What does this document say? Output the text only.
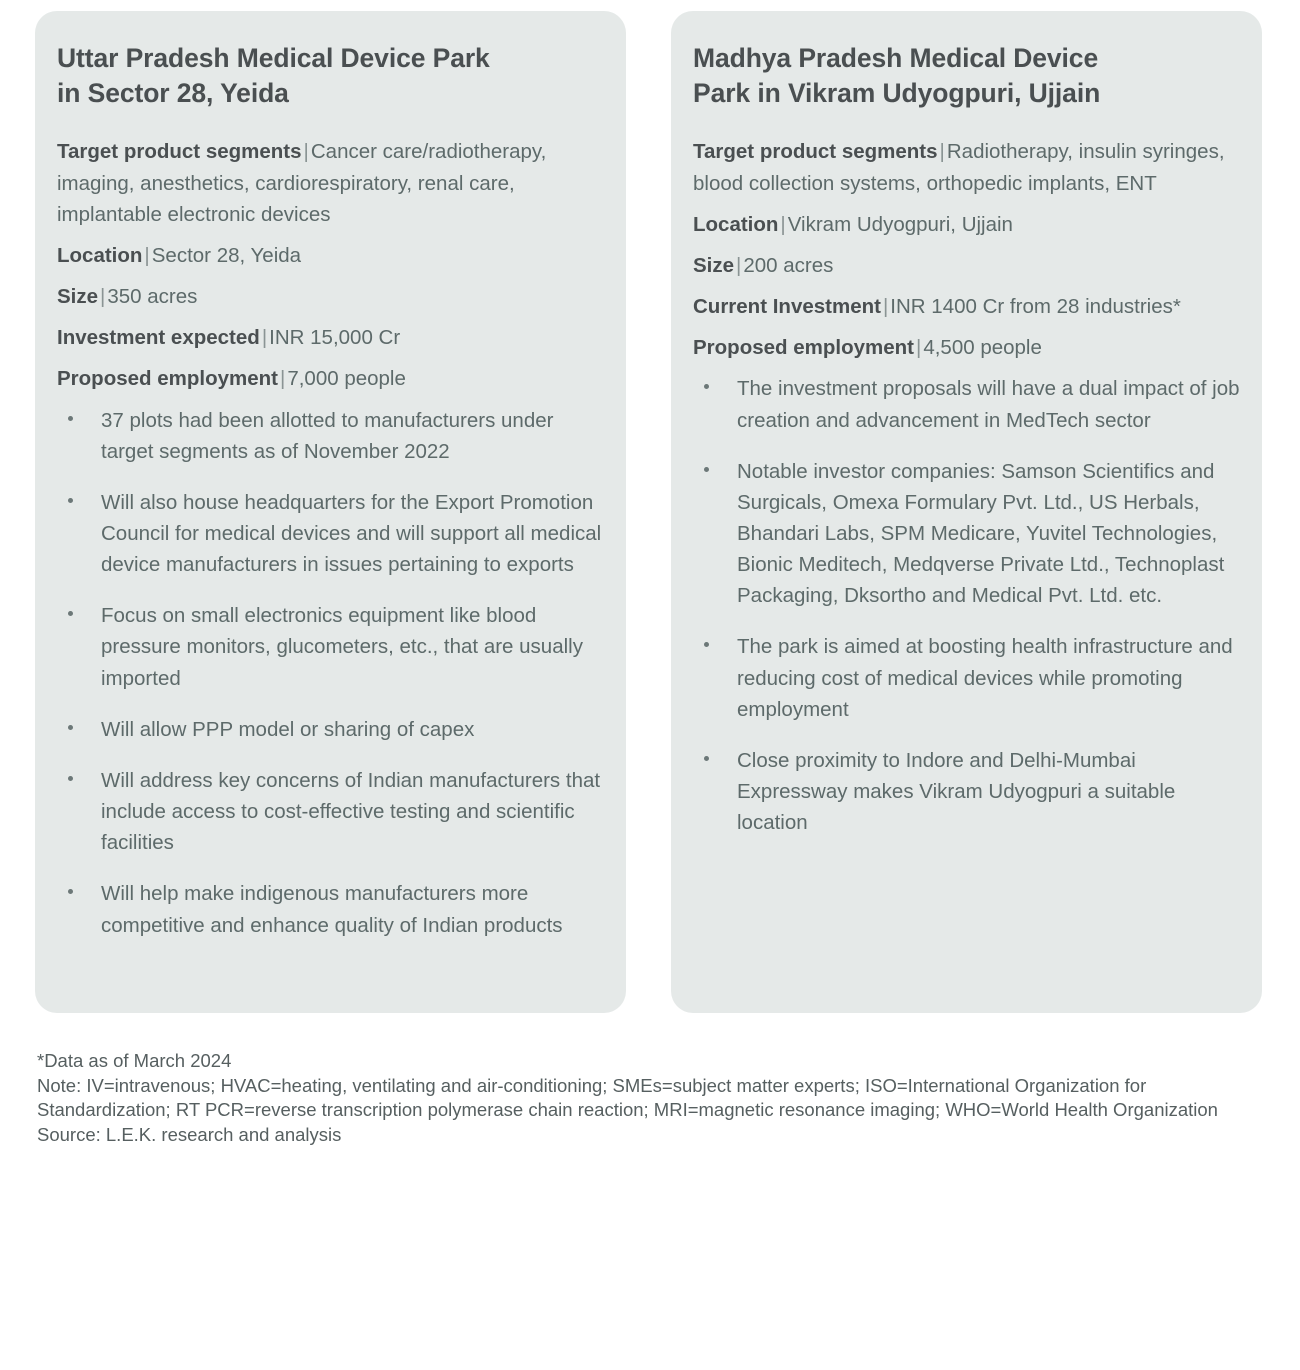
Uttar Pradesh Medical Device Park
in Sector 28, Yeida

Target product segments|Cancer care/radiotherapy, imaging, anesthetics, cardiorespiratory, renal care, implantable electronic devices

Location|Sector 28, Yeida

Size|350 acres

Investment expected|INR 15,000 Cr

Proposed employment|7,000 people

37 plots had been allotted to manufacturers under target segments as of November 2022
Will also house headquarters for the Export Promotion Council for medical devices and will support all medical device manufacturers in issues pertaining to exports
Focus on small electronics equipment like blood pressure monitors, glucometers, etc., that are usually imported
Will allow PPP model or sharing of capex
Will address key concerns of Indian manufacturers that include access to cost-effective testing and scientific facilities
Will help make indigenous manufacturers more competitive and enhance quality of Indian products
Madhya Pradesh Medical Device
Park in Vikram Udyogpuri, Ujjain

Target product segments|Radiotherapy, insulin syringes, blood collection systems, orthopedic implants, ENT

Location|Vikram Udyogpuri, Ujjain

Size|200 acres

Current Investment|INR 1400 Cr from 28 industries*

Proposed employment|4,500 people

The investment proposals will have a dual impact of job creation and advancement in MedTech sector
Notable investor companies: Samson Scientifics and Surgicals, Omexa Formulary Pvt. Ltd., US Herbals, Bhandari Labs, SPM Medicare, Yuvitel Technologies, Bionic Meditech, Medqverse Private Ltd., Technoplast Packaging, Dksortho and Medical Pvt. Ltd. etc.
The park is aimed at boosting health infrastructure and reducing cost of medical devices while promoting employment
Close proximity to Indore and Delhi-Mumbai Expressway makes Vikram Udyogpuri a suitable location
*Data as of March 2024
Note: IV=intravenous; HVAC=heating, ventilating and air-conditioning; SMEs=subject matter experts; ISO=International Organization for Standardization; RT PCR=reverse transcription polymerase chain reaction; MRI=magnetic resonance imaging; WHO=World Health Organization
Source: L.E.K. research and analysis
